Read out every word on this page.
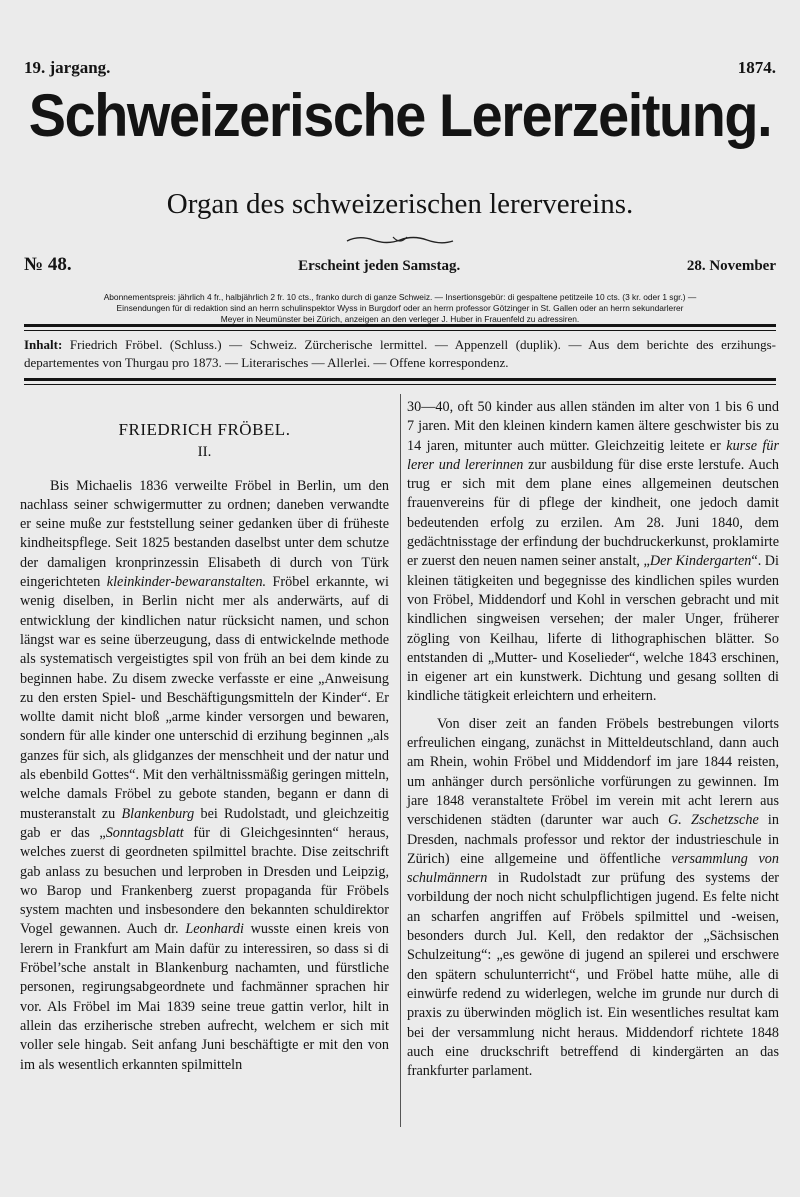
19. jargang.	1874.
Schweizerische Lererzeitung.
Organ des schweizerischen lerervereins.
№ 48.	Erscheint jeden Samstag.	28. November
Abonnementspreis: jährlich 4 fr., halbjährlich 2 fr. 10 cts., franko durch di ganze Schweiz. — Insertionsgebür: di gespaltene petitzeile 10 cts. (3 kr. oder 1 sgr.) —
Einsendungen für di redaktion sind an herrn schulinspektor Wyss in Burgdorf oder an herrn professor Götzinger in St. Gallen oder an herrn sekundarlerer
Meyer in Neumünster bei Zürich, anzeigen an den verleger J. Huber in Frauenfeld zu adressiren.
Inhalt: Friedrich Fröbel. (Schluss.) — Schweiz. Zürcherische lermittel. — Appenzell (duplik). — Aus dem berichte des erzihungs-departementes von Thurgau pro 1873. — Literarisches — Allerlei. — Offene korrespondenz.
FRIEDRICH FRÖBEL.
II.

Bis Michaelis 1836 verweilte Fröbel in Berlin, um den nachlass seiner schwigermutter zu ordnen; daneben verwandte er seine muße zur feststellung seiner gedanken über di früheste kindheitspflege. Seit 1825 bestanden daselbst unter dem schutze der damaligen kronprinzessin Elisabeth di durch von Türk eingerichteten kleinkinder-bewaranstalten. Fröbel erkannte, wi wenig diselben, in Berlin nicht mer als anderwärts, auf di entwicklung der kindlichen natur rücksicht namen, und schon längst war es seine überzeugung, dass di entwickelnde methode als systematisch vergeistigtes spil von früh an bei dem kinde zu beginnen habe. Zu disem zwecke verfasste er eine „Anweisung zu den ersten Spiel- und Beschäftigungsmitteln der Kinder“. Er wollte damit nicht bloß „arme kinder versorgen und bewaren, sondern für alle kinder one unterschid di erzihung beginnen „als ganzes für sich, als glidganzes der menschheit und der natur und als ebenbild Gottes“. Mit den verhältnissmäßig geringen mitteln, welche damals Fröbel zu gebote standen, begann er dann di musteranstalt zu Blankenburg bei Rudolstadt, und gleichzeitig gab er das „Sonntagsblatt für di Gleichgesinnten“ heraus, welches zuerst di geordneten spilmittel brachte. Dise zeitschrift gab anlass zu besuchen und lerproben in Dresden und Leipzig, wo Barop und Frankenberg zuerst propaganda für Fröbels system machten und insbesondere den bekannten schuldirektor Vogel gewannen. Auch dr. Leonhardi wusste einen kreis von lerern in Frankfurt am Main dafür zu interessiren, so dass si di Fröbel’sche anstalt in Blankenburg nachamten, und fürstliche personen, regirungsabgeordnete und fachmänner sprachen hir vor. Als Fröbel im Mai 1839 seine treue gattin verlor, hilt in allein das erziherische streben aufrecht, welchem er sich mit voller sele hingab. Seit anfang Juni beschäftigte er mit den von im als wesentlich erkannten spilmitteln

30—40, oft 50 kinder aus allen ständen im alter von 1 bis 6 und 7 jaren. Mit den kleinen kindern kamen ältere geschwister bis zu 14 jaren, mitunter auch mütter. Gleichzeitig leitete er kurse für lerer und lererinnen zur ausbildung für dise erste lerstufe. Auch trug er sich mit dem plane eines allgemeinen deutschen frauenvereins für di pflege der kindheit, one jedoch damit bedeutenden erfolg zu erzilen. Am 28. Juni 1840, dem gedächtnisstage der erfindung der buchdruckerkunst, proklamirte er zuerst den neuen namen seiner anstalt, „Der Kindergarten“. Di kleinen tätigkeiten und begegnisse des kindlichen spiles wurden von Fröbel, Middendorf und Kohl in verschen gebracht und mit kindlichen singweisen versehen; der maler Unger, früherer zögling von Keilhau, liferte di lithographischen blätter. So entstanden di „Mutter- und Koselieder“, welche 1843 erschinen, in eigener art ein kunstwerk. Dichtung und gesang sollten di kindliche tätigkeit erleichtern und erheitern.

Von diser zeit an fanden Fröbels bestrebungen vilorts erfreulichen eingang, zunächst in Mitteldeutschland, dann auch am Rhein, wohin Fröbel und Middendorf im jare 1844 reisten, um anhänger durch persönliche vorfürungen zu gewinnen. Im jare 1848 veranstaltete Fröbel im verein mit acht lerern aus verschidenen städten (darunter war auch G. Zschetzsche in Dresden, nachmals professor und rektor der industrieschule in Zürich) eine allgemeine und öffentliche versammlung von schulmännern in Rudolstadt zur prüfung des systems der vorbildung der noch nicht schulpflichtigen jugend. Es felte nicht an scharfen angriffen auf Fröbels spilmittel und -weisen, besonders durch Jul. Kell, den redaktor der „Sächsischen Schulzeitung“: „es gewöne di jugend an spilerei und erschwere den spätern schulunterricht“, und Fröbel hatte mühe, alle di einwürfe redend zu widerlegen, welche im grunde nur durch di praxis zu überwinden möglich ist. Ein wesentliches resultat kam bei der versammlung nicht heraus. Middendorf richtete 1848 auch eine druckschrift betreffend di kindergärten an das frankfurter parlament.
